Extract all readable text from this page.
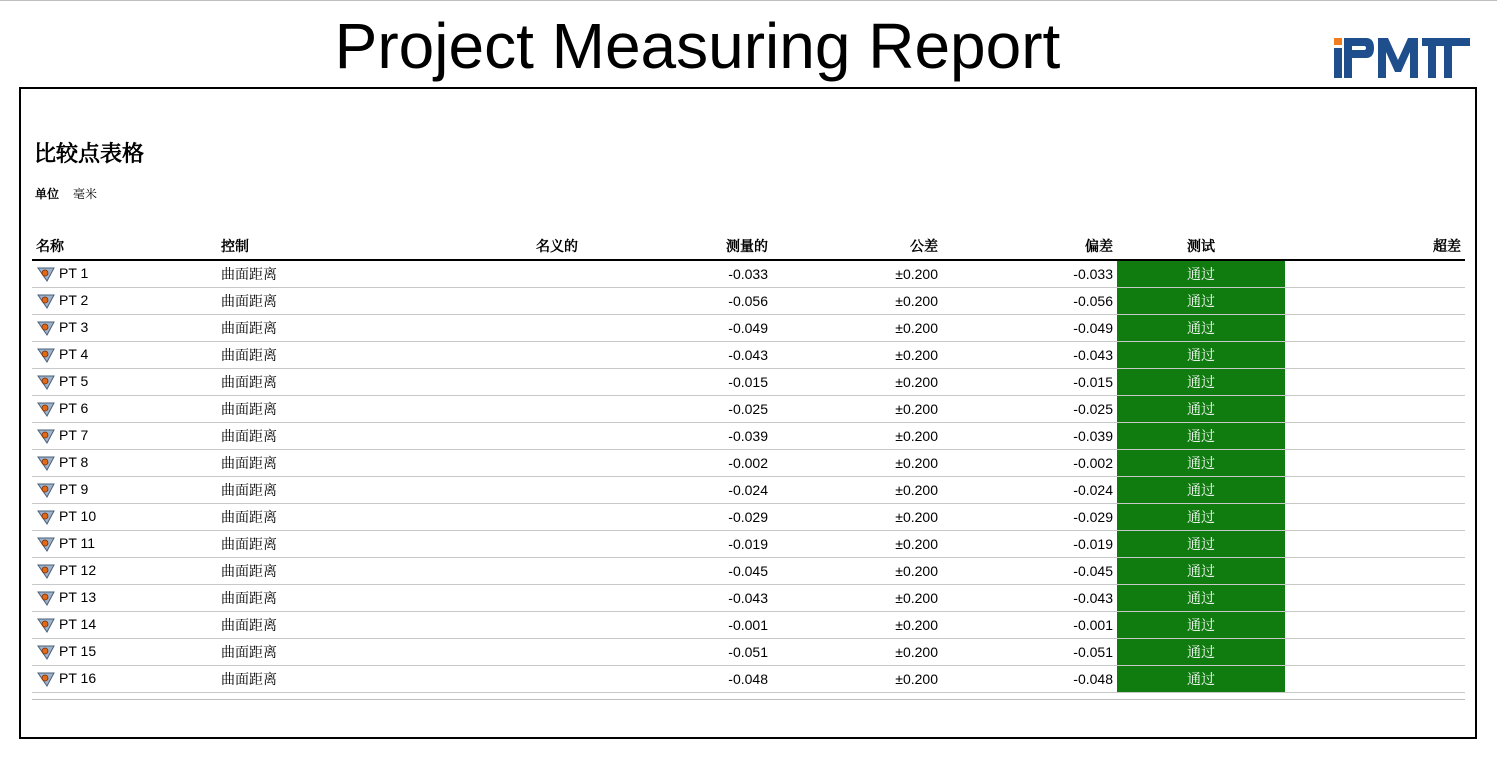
Project Measuring Report
比较点表格
单位 毫米
名称	控制	名义的	测量的	公差	偏差	测试	超差
PT 1	曲面距离		-0.033	±0.200	-0.033	通过	
PT 2	曲面距离		-0.056	±0.200	-0.056	通过	
PT 3	曲面距离		-0.049	±0.200	-0.049	通过	
PT 4	曲面距离		-0.043	±0.200	-0.043	通过	
PT 5	曲面距离		-0.015	±0.200	-0.015	通过	
PT 6	曲面距离		-0.025	±0.200	-0.025	通过	
PT 7	曲面距离		-0.039	±0.200	-0.039	通过	
PT 8	曲面距离		-0.002	±0.200	-0.002	通过	
PT 9	曲面距离		-0.024	±0.200	-0.024	通过	
PT 10	曲面距离		-0.029	±0.200	-0.029	通过	
PT 11	曲面距离		-0.019	±0.200	-0.019	通过	
PT 12	曲面距离		-0.045	±0.200	-0.045	通过	
PT 13	曲面距离		-0.043	±0.200	-0.043	通过	
PT 14	曲面距离		-0.001	±0.200	-0.001	通过	
PT 15	曲面距离		-0.051	±0.200	-0.051	通过	
PT 16	曲面距离		-0.048	±0.200	-0.048	通过	
